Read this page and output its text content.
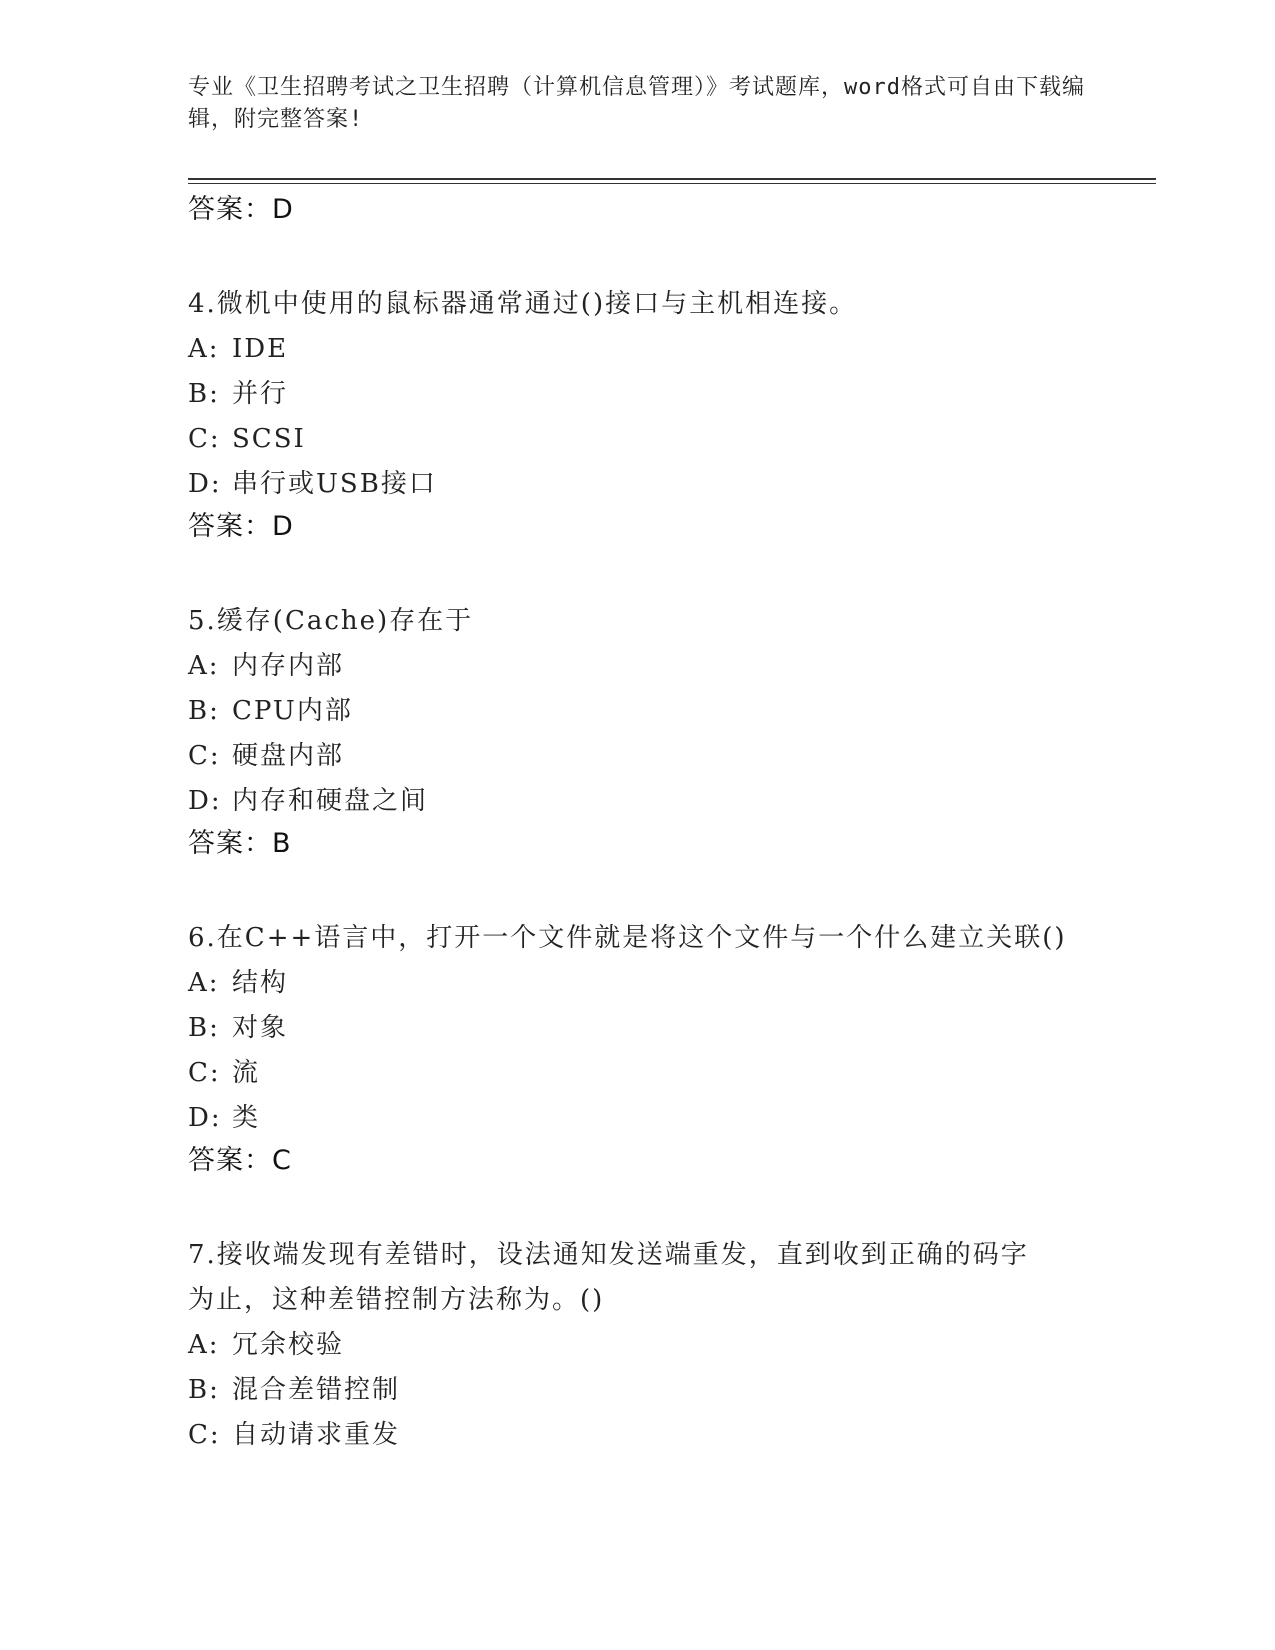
专业《卫生招聘考试之卫生招聘（计算机信息管理）》考试题库，word格式可自由下载编辑，附完整答案!
答案：D
4.微机中使用的鼠标器通常通过()接口与主机相连接。
A: IDE
B: 并行
C: SCSI
D: 串行或USB接口
答案：D
5.缓存(Cache)存在于
A: 内存内部
B: CPU内部
C: 硬盘内部
D: 内存和硬盘之间
答案：B
6.在C++语言中，打开一个文件就是将这个文件与一个什么建立关联()
A: 结构
B: 对象
C: 流
D: 类
答案：C
7.接收端发现有差错时，设法通知发送端重发，直到收到正确的码字为止，这种差错控制方法称为。()
A: 冗余校验
B: 混合差错控制
C: 自动请求重发
